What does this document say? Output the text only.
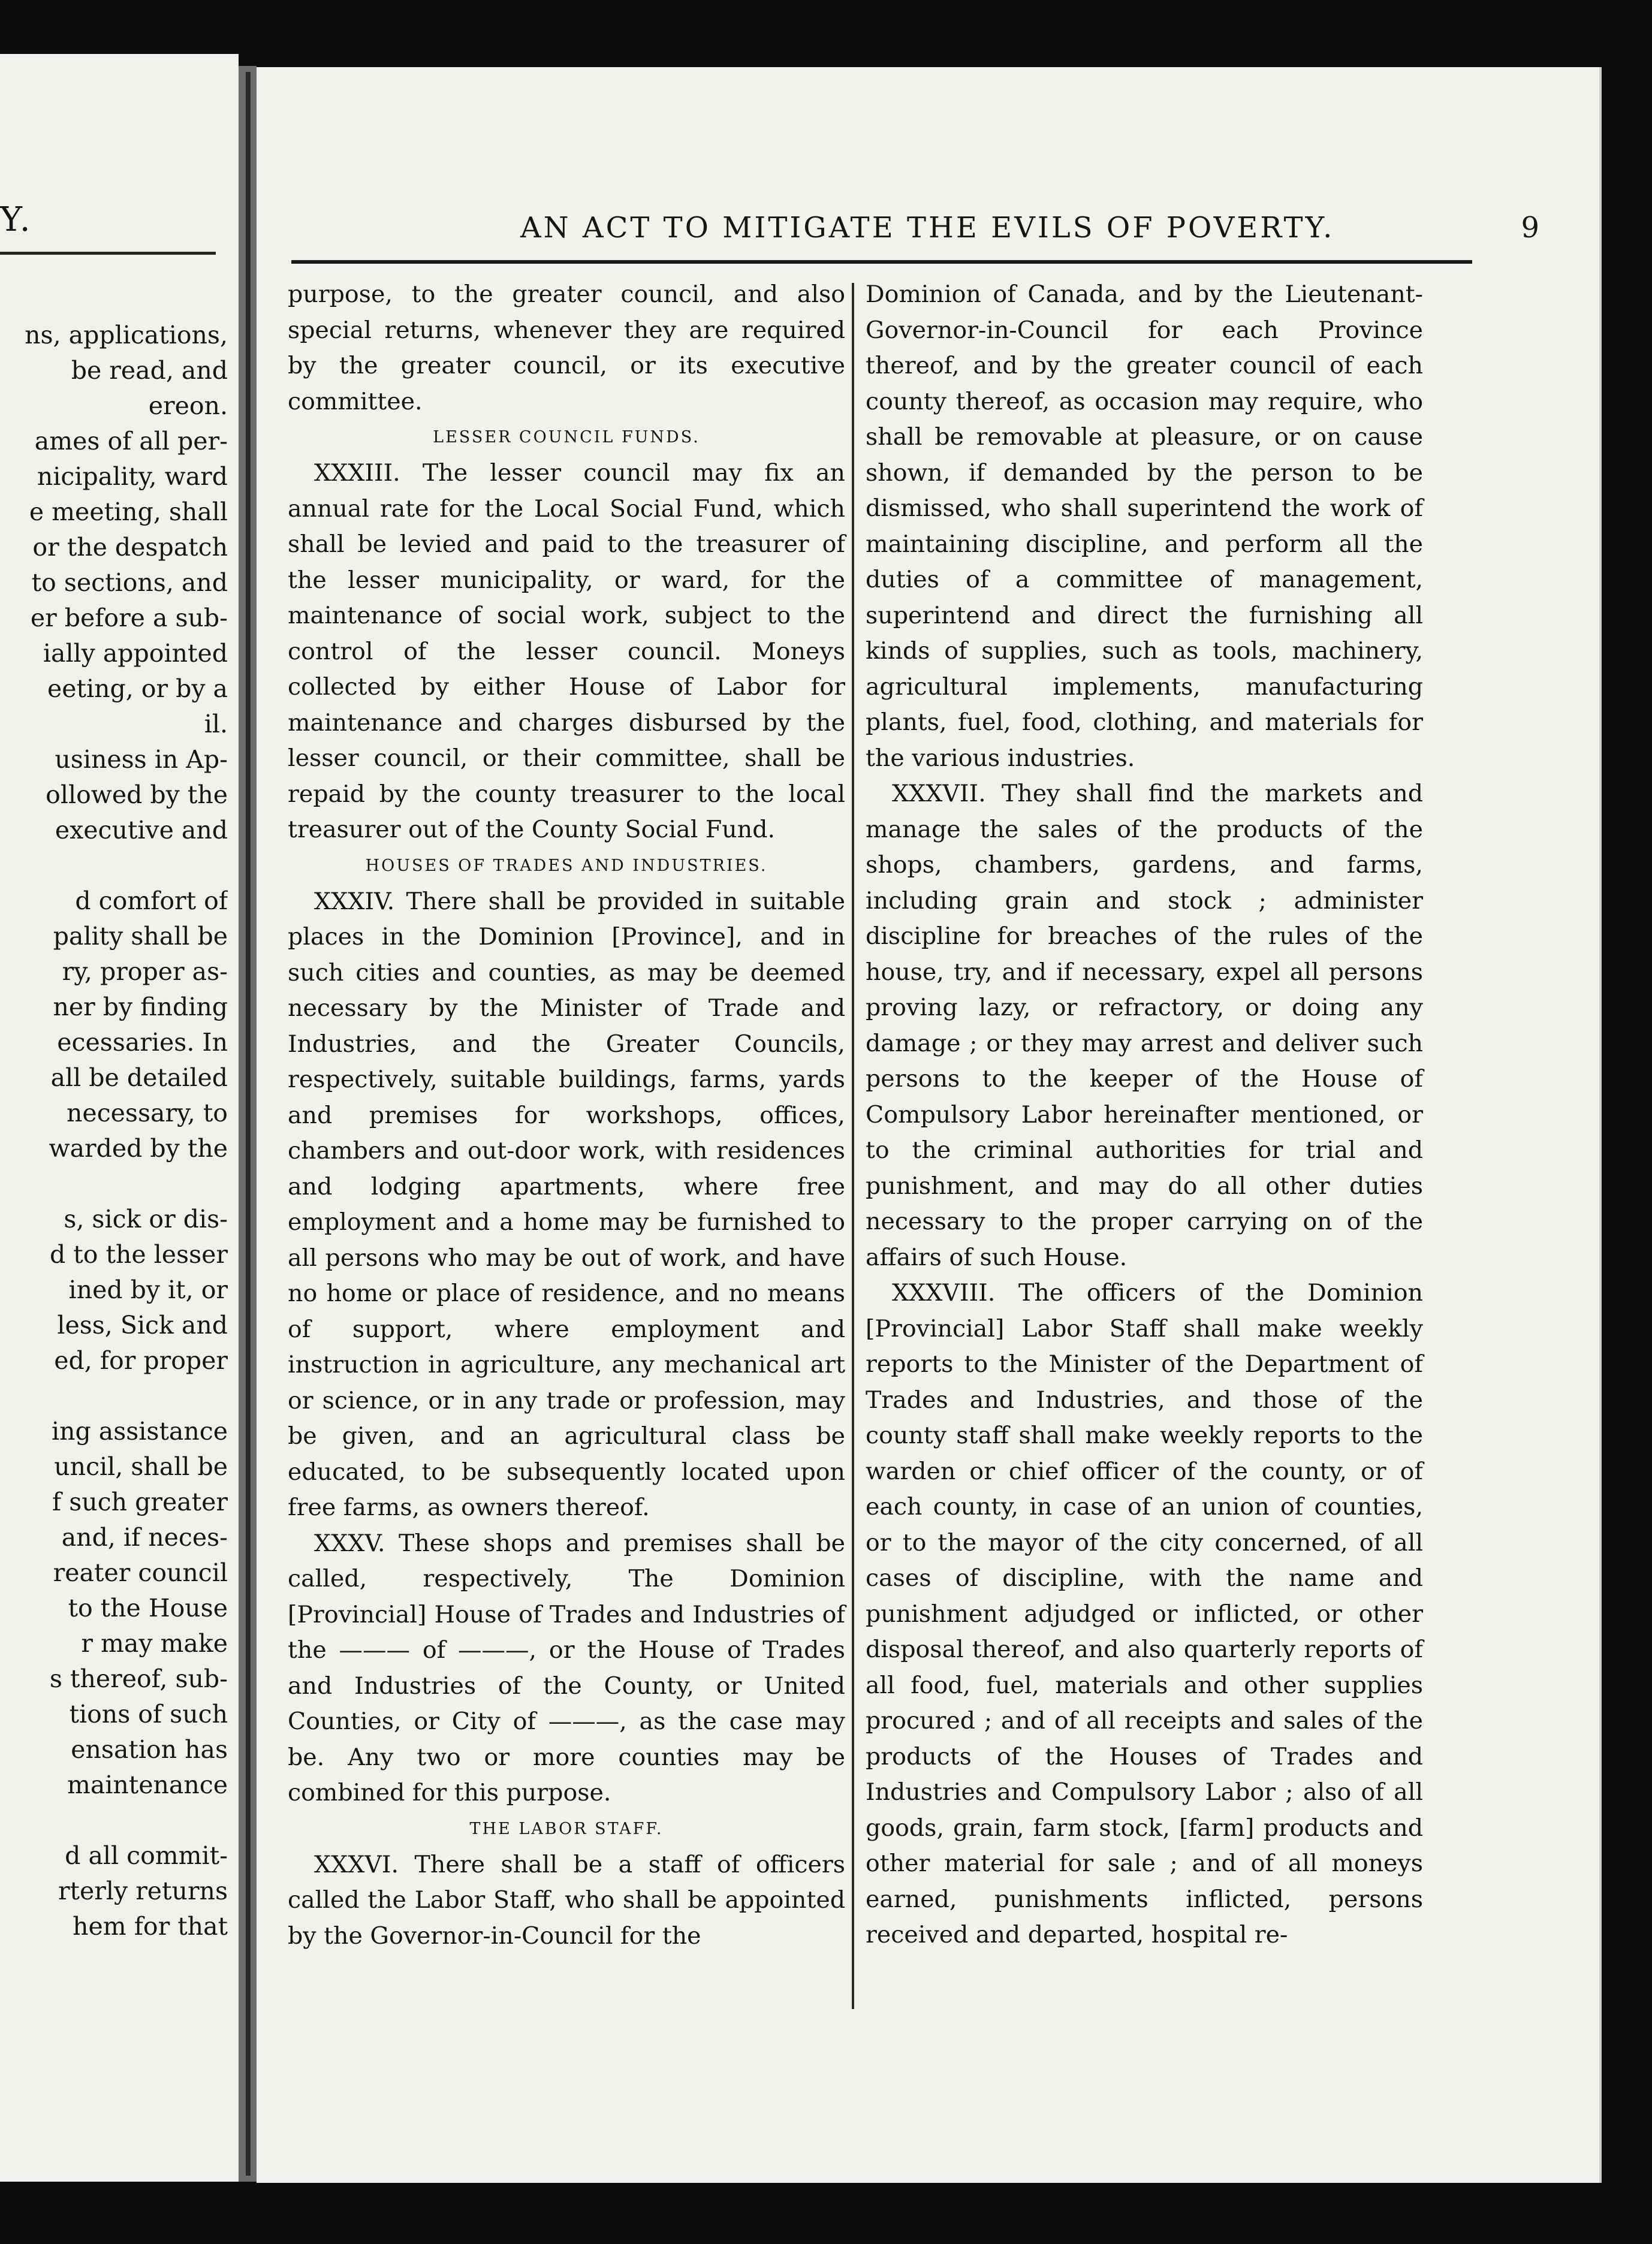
Y.
ns, applications,
be read, and
ereon.
ames of all per-
nicipality, ward
e meeting, shall
or the despatch
to sections, and
er before a sub-
ially appointed
eeting, or by a
il.
usiness in Ap-
ollowed by the
executive and
d comfort of
pality shall be
ry, proper as-
ner by finding
ecessaries. In
all be detailed
necessary, to
warded by the
s, sick or dis-
d to the lesser
ined by it, or
less, Sick and
ed, for proper
ing assistance
uncil, shall be
f such greater
and, if neces-
reater council
to the House
r may make
s thereof, sub-
tions of such
ensation has
maintenance
d all commit-
rterly returns
hem for that
AN ACT TO MITIGATE THE EVILS OF POVERTY.	9

purpose, to the greater council, and also special returns, whenever they are required by the greater council, or its executive committee.

LESSER COUNCIL FUNDS.

XXXIII. The lesser council may fix an annual rate for the Local Social Fund, which shall be levied and paid to the treasurer of the lesser municipality, or ward, for the maintenance of social work, subject to the control of the lesser council. Moneys collected by either House of Labor for maintenance and charges disbursed by the lesser council, or their committee, shall be repaid by the county treasurer to the local treasurer out of the County Social Fund.

HOUSES OF TRADES AND INDUSTRIES.

XXXIV. There shall be provided in suitable places in the Dominion [Province], and in such cities and counties, as may be deemed necessary by the Minister of Trade and Industries, and the Greater Councils, respectively, suitable buildings, farms, yards and premises for workshops, offices, chambers and out-door work, with residences and lodging apartments, where free employment and a home may be furnished to all persons who may be out of work, and have no home or place of residence, and no means of support, where employment and instruction in agriculture, any mechanical art or science, or in any trade or profession, may be given, and an agricultural class be educated, to be subsequently located upon free farms, as owners thereof.

XXXV. These shops and premises shall be called, respectively, The Dominion [Provincial] House of Trades and Industries of the ——— of ———, or the House of Trades and Industries of the County, or United Counties, or City of ———, as the case may be. Any two or more counties may be combined for this purpose.

THE LABOR STAFF.

XXXVI. There shall be a staff of officers called the Labor Staff, who shall be appointed by the Governor-in-Council for the

Dominion of Canada, and by the Lieutenant-Governor-in-Council for each Province thereof, and by the greater council of each county thereof, as occasion may require, who shall be removable at pleasure, or on cause shown, if demanded by the person to be dismissed, who shall superintend the work of maintaining discipline, and perform all the duties of a committee of management, superintend and direct the furnishing all kinds of supplies, such as tools, machinery, agricultural implements, manufacturing plants, fuel, food, clothing, and materials for the various industries.

XXXVII. They shall find the markets and manage the sales of the products of the shops, chambers, gardens, and farms, including grain and stock ; administer discipline for breaches of the rules of the house, try, and if necessary, expel all persons proving lazy, or refractory, or doing any damage ; or they may arrest and deliver such persons to the keeper of the House of Compulsory Labor hereinafter mentioned, or to the criminal authorities for trial and punishment, and may do all other duties necessary to the proper carrying on of the affairs of such House.

XXXVIII. The officers of the Dominion [Provincial] Labor Staff shall make weekly reports to the Minister of the Department of Trades and Industries, and those of the county staff shall make weekly reports to the warden or chief officer of the county, or of each county, in case of an union of counties, or to the mayor of the city concerned, of all cases of discipline, with the name and punishment adjudged or inflicted, or other disposal thereof, and also quarterly reports of all food, fuel, materials and other supplies procured ; and of all receipts and sales of the products of the Houses of Trades and Industries and Compulsory Labor ; also of all goods, grain, farm stock, [farm] products and other material for sale ; and of all moneys earned, punishments inflicted, persons received and departed, hospital re-
